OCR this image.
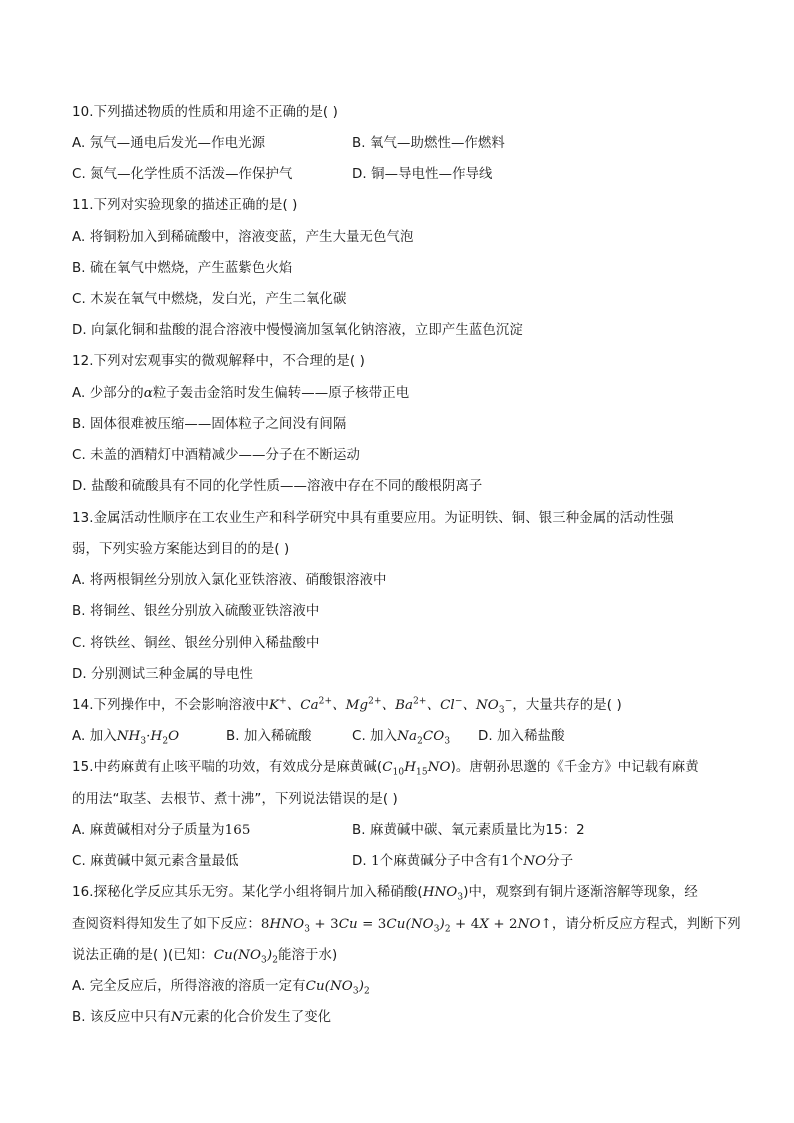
10.下列描述物质的性质和用途不正确的是( )
A. 氖气—通电后发光—作电光源	B. 氧气—助燃性—作燃料
C. 氮气—化学性质不活泼—作保护气	D. 铜—导电性—作导线
11.下列对实验现象的描述正确的是( )
A. 将铜粉加入到稀硫酸中，溶液变蓝，产生大量无色气泡
B. 硫在氧气中燃烧，产生蓝紫色火焰
C. 木炭在氧气中燃烧，发白光，产生二氧化碳
D. 向氯化铜和盐酸的混合溶液中慢慢滴加氢氧化钠溶液，立即产生蓝色沉淀
12.下列对宏观事实的微观解释中，不合理的是( )
A. 少部分的α粒子轰击金箔时发生偏转——原子核带正电
B. 固体很难被压缩——固体粒子之间没有间隔
C. 未盖的酒精灯中酒精减少——分子在不断运动
D. 盐酸和硫酸具有不同的化学性质——溶液中存在不同的酸根阴离子
13.金属活动性顺序在工农业生产和科学研究中具有重要应用。为证明铁、铜、银三种金属的活动性强
弱，下列实验方案能达到目的的是( )
A. 将两根铜丝分别放入氯化亚铁溶液、硝酸银溶液中
B. 将铜丝、银丝分别放入硫酸亚铁溶液中
C. 将铁丝、铜丝、银丝分别伸入稀盐酸中
D. 分别测试三种金属的导电性
14.下列操作中，不会影响溶液中K+、$Ca^{2+}$、$Mg^{2+}$、$Ba^{2+}$、Cl−、$NO_3^-$，大量共存的是( )
A. 加入$NH_3\cdot H_2O$	B. 加入稀硫酸	C. 加入$Na_2CO_3$ D. 加入稀盐酸
15.中药麻黄有止咳平喘的功效，有效成分是麻黄碱$(C_{10}H_{15}NO)$。唐朝孙思邈的《千金方》中记载有麻黄
的用法“取茎、去根节、煮十沸”，下列说法错误的是( )
A. 麻黄碱相对分子质量为165	B. 麻黄碱中碳、氧元素质量比为15：2
C. 麻黄碱中氮元素含量最低	D. 1个麻黄碱分子中含有1个NO分子
16.探秘化学反应其乐无穷。某化学小组将铜片加入稀硝酸$(HNO_3)$中，观察到有铜片逐渐溶解等现象，经
查阅资料得知发生了如下反应：$8HNO_3 + 3Cu = 3Cu(NO_3)_2 + 4X$ + 2NO↑，请分析反应方程式，判断下列
说法正确的是( )(已知：$Cu(NO_3)_2$能溶于水)
A. 完全反应后，所得溶液的溶质一定有$Cu(NO_3)_2$
B. 该反应中只有N元素的化合价发生了变化
